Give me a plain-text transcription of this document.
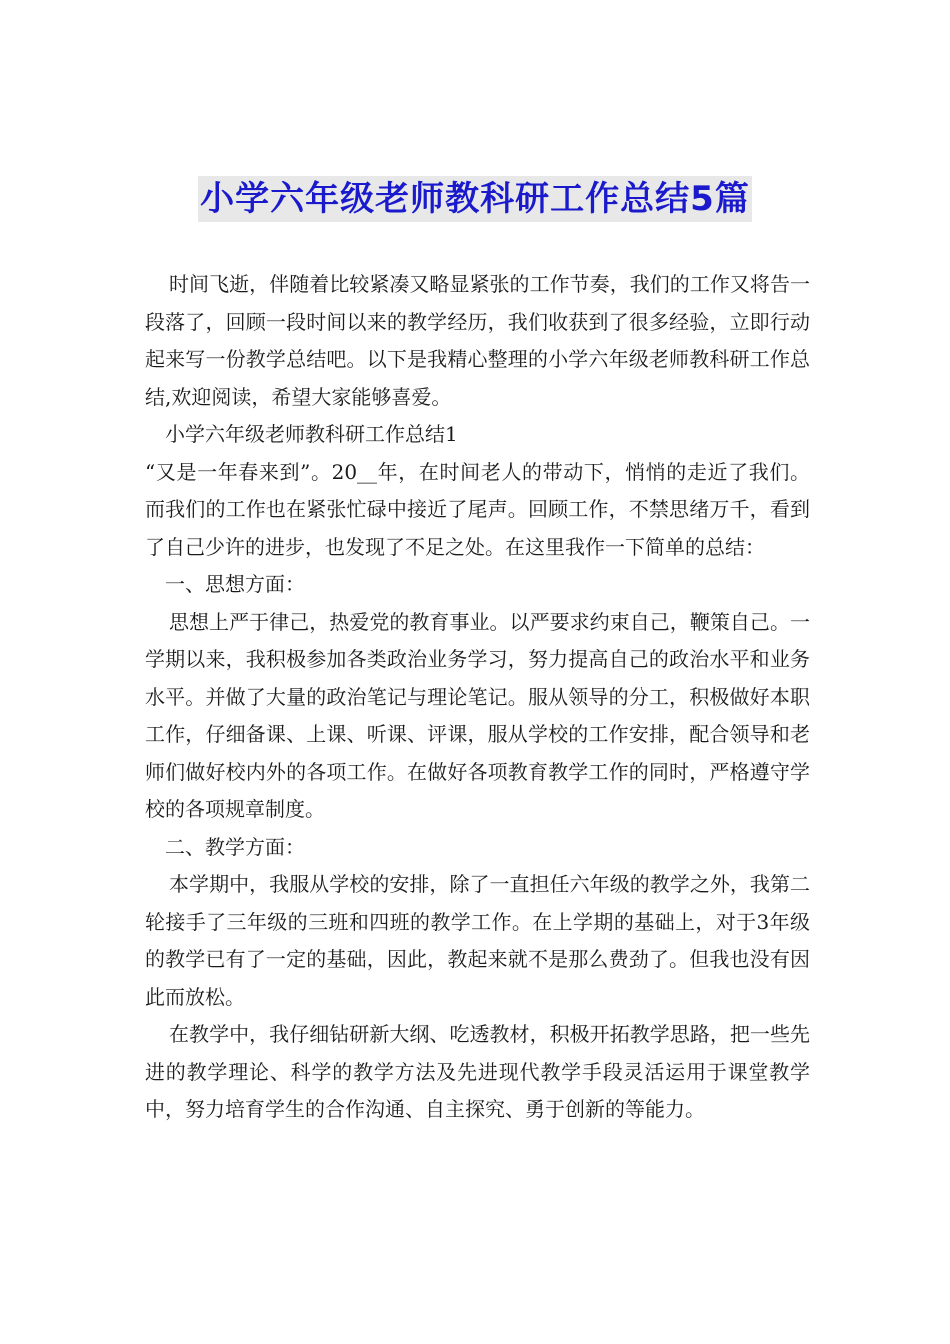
小学六年级老师教科研工作总结5篇

时间飞逝，伴随着比较紧凑又略显紧张的工作节奏，我们的工作又将告一段落了，回顾一段时间以来的教学经历，我们收获到了很多经验，立即行动起来写一份教学总结吧。以下是我精心整理的小学六年级老师教科研工作总结,欢迎阅读，希望大家能够喜爱。

小学六年级老师教科研工作总结1

“又是一年春来到”。20__年，在时间老人的带动下，悄悄的走近了我们。而我们的工作也在紧张忙碌中接近了尾声。回顾工作，不禁思绪万千，看到了自己少许的进步，也发现了不足之处。在这里我作一下简单的总结：

一、思想方面：

思想上严于律己，热爱党的教育事业。以严要求约束自己，鞭策自己。一学期以来，我积极参加各类政治业务学习，努力提高自己的政治水平和业务水平。并做了大量的政治笔记与理论笔记。服从领导的分工，积极做好本职工作，仔细备课、上课、听课、评课，服从学校的工作安排，配合领导和老师们做好校内外的各项工作。在做好各项教育教学工作的同时，严格遵守学校的各项规章制度。

二、教学方面：

本学期中，我服从学校的安排，除了一直担任六年级的教学之外，我第二轮接手了三年级的三班和四班的教学工作。在上学期的基础上，对于3年级的教学已有了一定的基础，因此，教起来就不是那么费劲了。但我也没有因此而放松。

在教学中，我仔细钻研新大纲、吃透教材，积极开拓教学思路，把一些先进的教学理论、科学的教学方法及先进现代教学手段灵活运用于课堂教学中，努力培育学生的合作沟通、自主探究、勇于创新的等能力。
